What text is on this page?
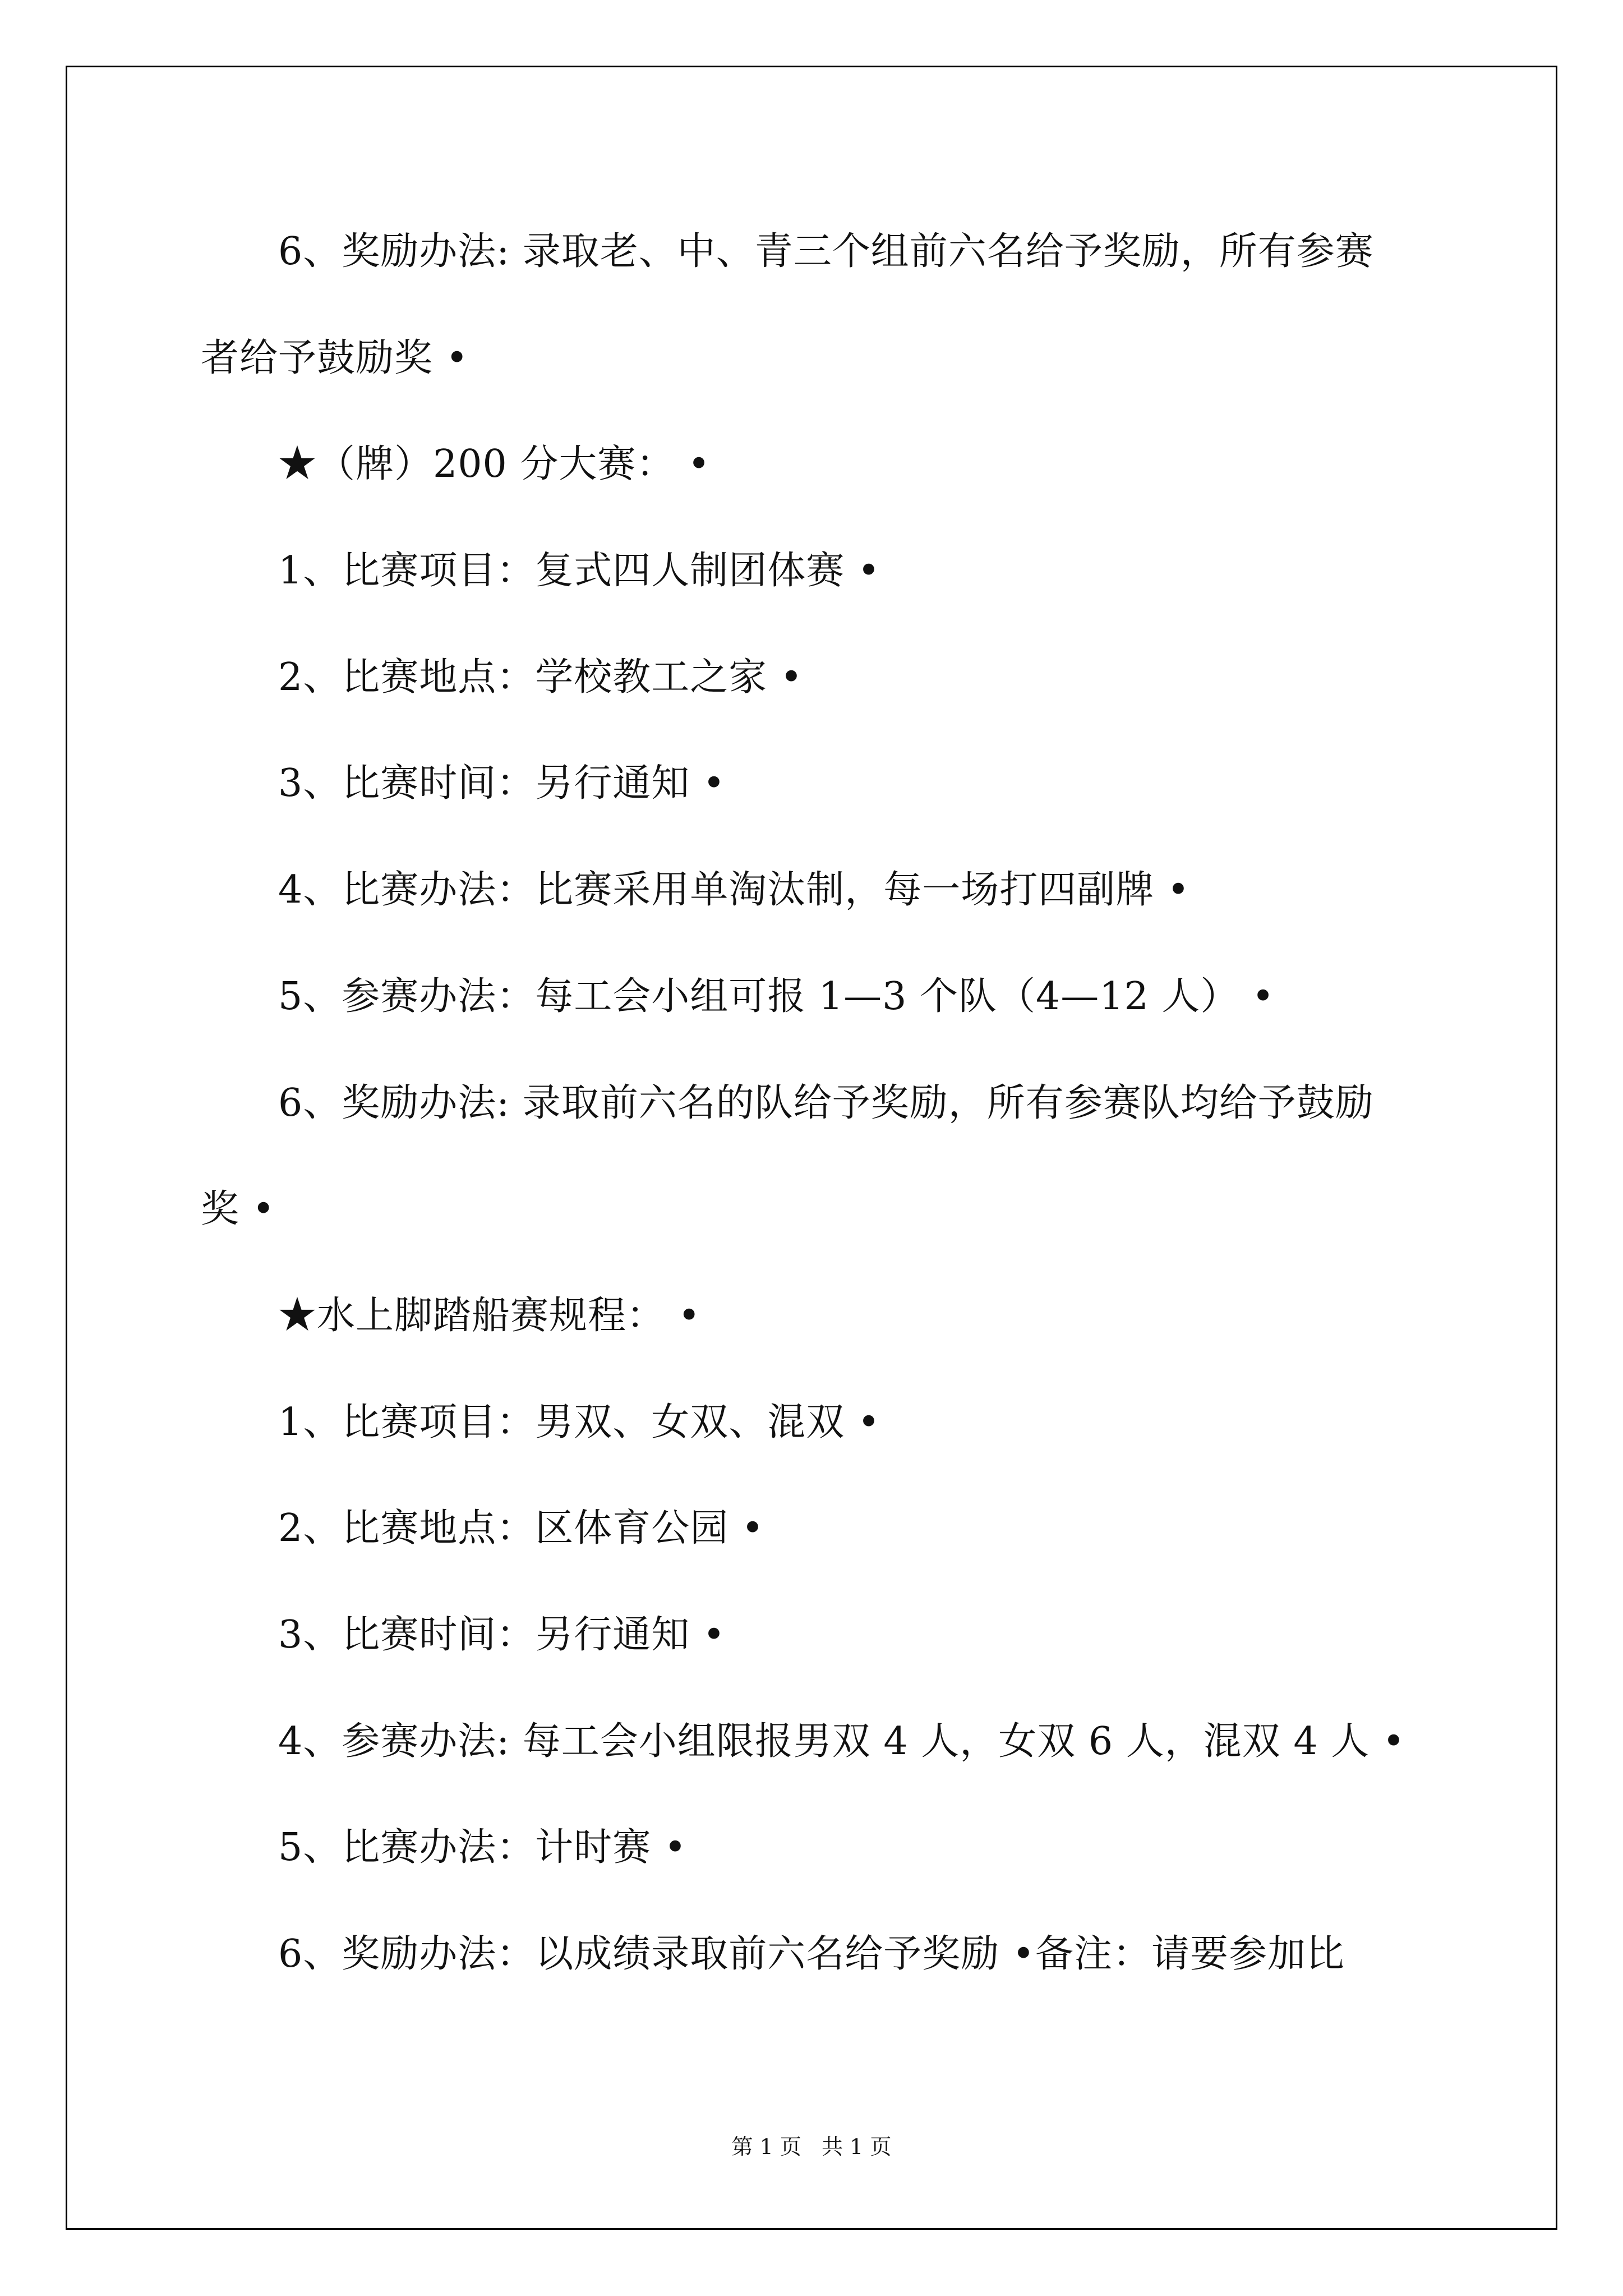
6、奖励办法: 录取老、中、青三个组前六名给予奖励，所有参赛
者给予鼓励奖 •
★（牌）200 分大赛： •
1、比赛项目：复式四人制团体赛 •
2、比赛地点：学校教工之家 •
3、比赛时间：另行通知 •
4、比赛办法：比赛采用单淘汰制，每一场打四副牌 •
5、参赛办法：每工会小组可报 1—3 个队（4—12 人） •
6、奖励办法: 录取前六名的队给予奖励，所有参赛队均给予鼓励
奖 •
★水上脚踏船赛规程： •
1、比赛项目：男双、女双、混双 •
2、比赛地点：区体育公园 •
3、比赛时间：另行通知 •
4、参赛办法: 每工会小组限报男双 4 人，女双 6 人，混双 4 人 •
5、比赛办法：计时赛 •
6、奖励办法：以成绩录取前六名给予奖励 •备注：请要参加比
第 1 页   共 1 页
